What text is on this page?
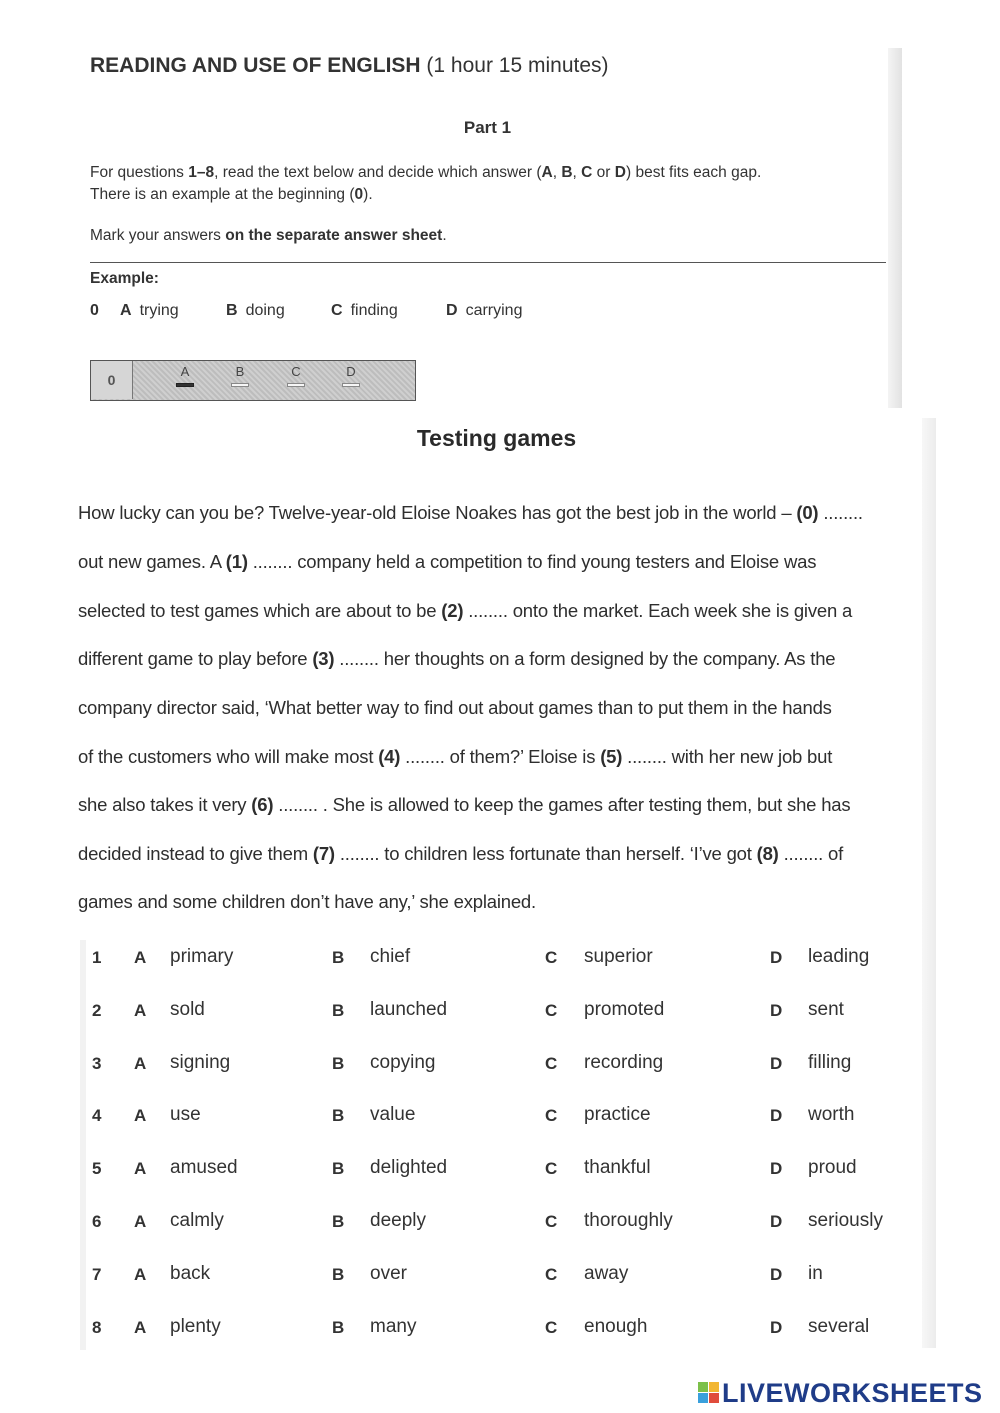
READING AND USE OF ENGLISH (1 hour 15 minutes)
Part 1
For questions 1–8, read the text below and decide which answer (A, B, C or D) best fits each gap.
There is an example at the beginning (0).
Mark your answers on the separate answer sheet.
Example:
0 A trying	B doing	C finding	D carrying
0
A	B	C	D
Testing games
How lucky can you be? Twelve-year-old Eloise Noakes has got the best job in the world – (0) ........
out new games. A (1) ........ company held a competition to find young testers and Eloise was
selected to test games which are about to be (2) ........ onto the market. Each week she is given a
different game to play before (3) ........ her thoughts on a form designed by the company. As the
company director said, ‘What better way to find out about games than to put them in the hands
of the customers who will make most (4) ........ of them?’ Eloise is (5) ........ with her new job but
she also takes it very (6) ........ . She is allowed to keep the games after testing them, but she has
decided instead to give them (7) ........ to children less fortunate than herself. ‘I’ve got (8) ........ of
games and some children don’t have any,’ she explained.
1 A primary	B chief	C superior	D leading
2 A sold	B launched	C promoted	D sent
3 A signing	B copying	C recording	D filling
4 A use	B value	C practice	D worth
5 A amused	B delighted	C thankful	D proud
6 A calmly	B deeply	C thoroughly	D seriously
7 A back	B over	C away	D in
8 A plenty	B many	C enough	D several
LIVEWORKSHEETS
